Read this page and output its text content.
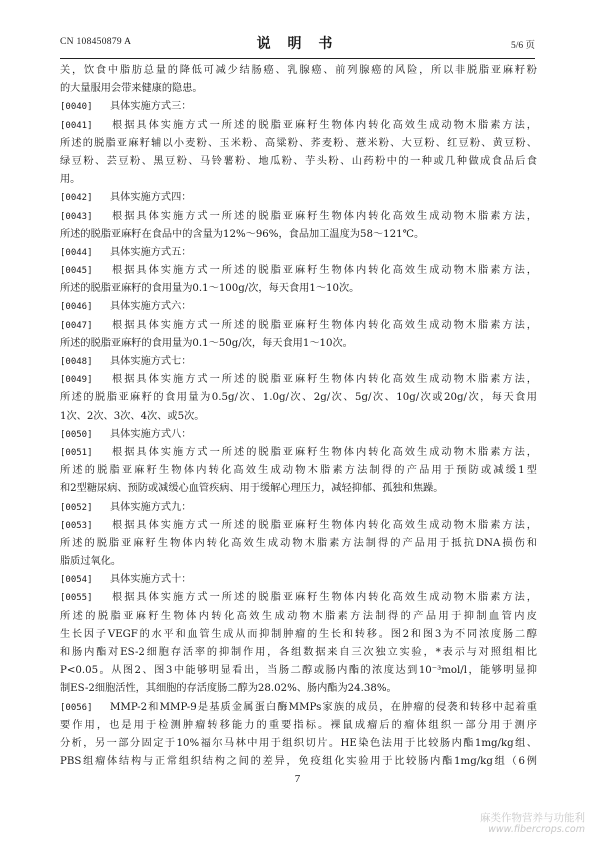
CN 108450879 A	说 明 书	5/6 页
关，饮食中脂肪总量的降低可减少结肠癌、乳腺癌、前列腺癌的风险，所以非脱脂亚麻籽粉
的大量服用会带来健康的隐患。
[0040] 具体实施方式三：
[0041] 根据具体实施方式一所述的脱脂亚麻籽生物体内转化高效生成动物木脂素方法，
所述的脱脂亚麻籽辅以小麦粉、玉米粉、高粱粉、荞麦粉、薏米粉、大豆粉、红豆粉、黄豆粉、
绿豆粉、芸豆粉、黑豆粉、马铃薯粉、地瓜粉、芋头粉、山药粉中的一种或几种做成食品后食
用。
[0042] 具体实施方式四：
[0043] 根据具体实施方式一所述的脱脂亚麻籽生物体内转化高效生成动物木脂素方法，
所述的脱脂亚麻籽在食品中的含量为12%～96%，食品加工温度为58～121℃。
[0044] 具体实施方式五：
[0045] 根据具体实施方式一所述的脱脂亚麻籽生物体内转化高效生成动物木脂素方法，
所述的脱脂亚麻籽的食用量为0.1～100g/次，每天食用1～10次。
[0046] 具体实施方式六：
[0047] 根据具体实施方式一所述的脱脂亚麻籽生物体内转化高效生成动物木脂素方法，
所述的脱脂亚麻籽的食用量为0.1～50g/次，每天食用1～10次。
[0048] 具体实施方式七：
[0049] 根据具体实施方式一所述的脱脂亚麻籽生物体内转化高效生成动物木脂素方法，
所述的脱脂亚麻籽的食用量为0.5g/次、1.0g/次、2g/次、5g/次、10g/次或20g/次，每天食用
1次、2次、3次、4次、或5次。
[0050] 具体实施方式八：
[0051] 根据具体实施方式一所述的脱脂亚麻籽生物体内转化高效生成动物木脂素方法，
所述的脱脂亚麻籽生物体内转化高效生成动物木脂素方法制得的产品用于预防或减缓1型
和2型糖尿病、预防或减缓心血管疾病、用于缓解心理压力，减轻抑郁、孤独和焦躁。
[0052] 具体实施方式九：
[0053] 根据具体实施方式一所述的脱脂亚麻籽生物体内转化高效生成动物木脂素方法，
所述的脱脂亚麻籽生物体内转化高效生成动物木脂素方法制得的产品用于抵抗DNA损伤和
脂质过氧化。
[0054] 具体实施方式十：
[0055] 根据具体实施方式一所述的脱脂亚麻籽生物体内转化高效生成动物木脂素方法，
所述的脱脂亚麻籽生物体内转化高效生成动物木脂素方法制得的产品用于抑制血管内皮
生长因子VEGF的水平和血管生成从而抑制肿瘤的生长和转移。图2和图3为不同浓度肠二醇
和肠内酯对ES-2细胞存活率的抑制作用，各组数据来自三次独立实验，*表示与对照组相比
P<0.05。从图2、图3中能够明显看出，当肠二醇或肠内酯的浓度达到10⁻³mol/l，能够明显抑
制ES-2细胞活性，其细胞的存活度肠二醇为28.02%、肠内酯为24.38%。
[0056] MMP-2和MMP-9是基质金属蛋白酶MMPs家族的成员，在肿瘤的侵袭和转移中起着重
要作用，也是用于检测肿瘤转移能力的重要指标。裸鼠成瘤后的瘤体组织一部分用于测序
分析，另一部分固定于10%福尔马林中用于组织切片。HE染色法用于比较肠内酯1mg/kg组、
PBS组瘤体结构与正常组织结构之间的差异，免疫组化实验用于比较肠内酯1mg/kg组（6例
7
麻类作物营养与功能利
www.fibercrops.com
